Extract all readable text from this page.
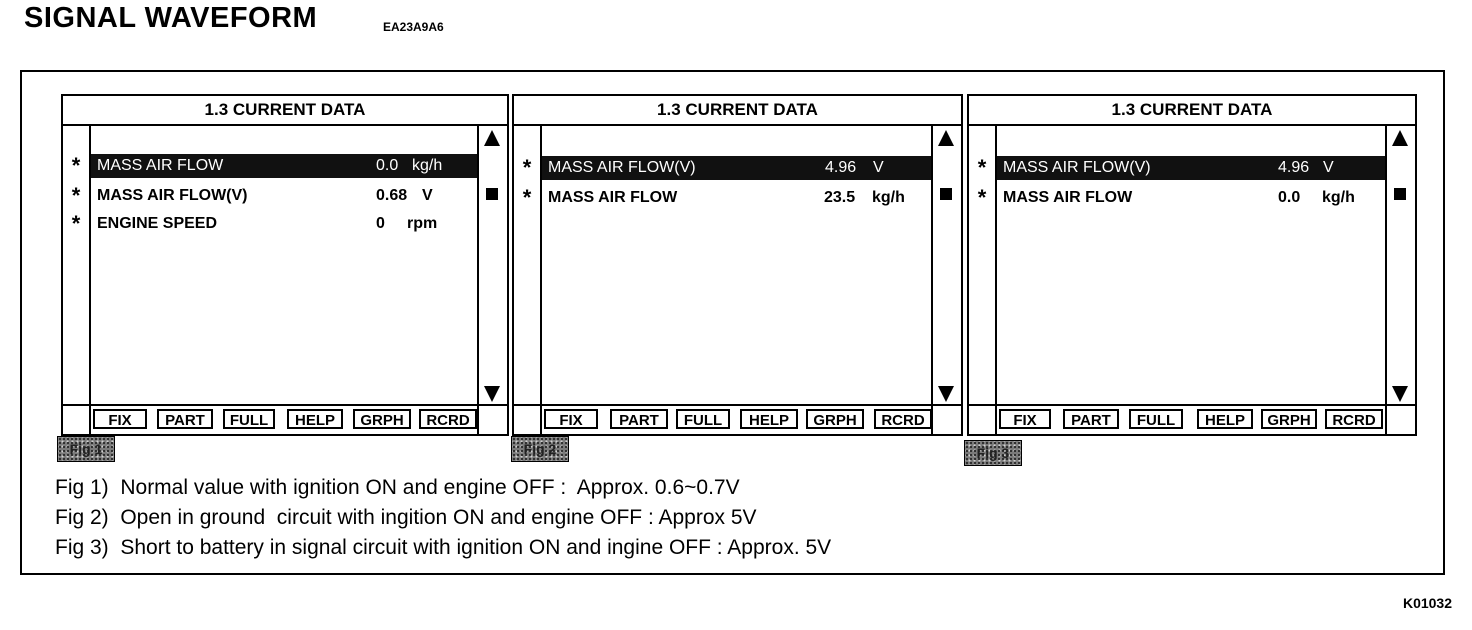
SIGNAL WAVEFORM	EA23A9A6
1.3 CURRENT DATA
*
*
*
MASS AIR FLOW	0.0 kg/h
MASS AIR FLOW(V)	0.68 V
ENGINE SPEED	0 rpm
FIX	PART	FULL	HELP	GRPH	RCRD
Fig 1
1.3 CURRENT DATA
*
*
MASS AIR FLOW(V)	4.96 V
MASS AIR FLOW	23.5 kg/h
FIX	PART	FULL	HELP	GRPH	RCRD
Fig 2
1.3 CURRENT DATA
*
*
MASS AIR FLOW(V)	4.96 V
MASS AIR FLOW	0.0 kg/h
FIX	PART	FULL	HELP	GRPH	RCRD
Fig 3
Fig 1)  Normal value with ignition ON and engine OFF :  Approx. 0.6~0.7V
Fig 2)  Open in ground  circuit with ingition ON and engine OFF : Approx 5V
Fig 3)  Short to battery in signal circuit with ignition ON and ingine OFF : Approx. 5V
K01032
